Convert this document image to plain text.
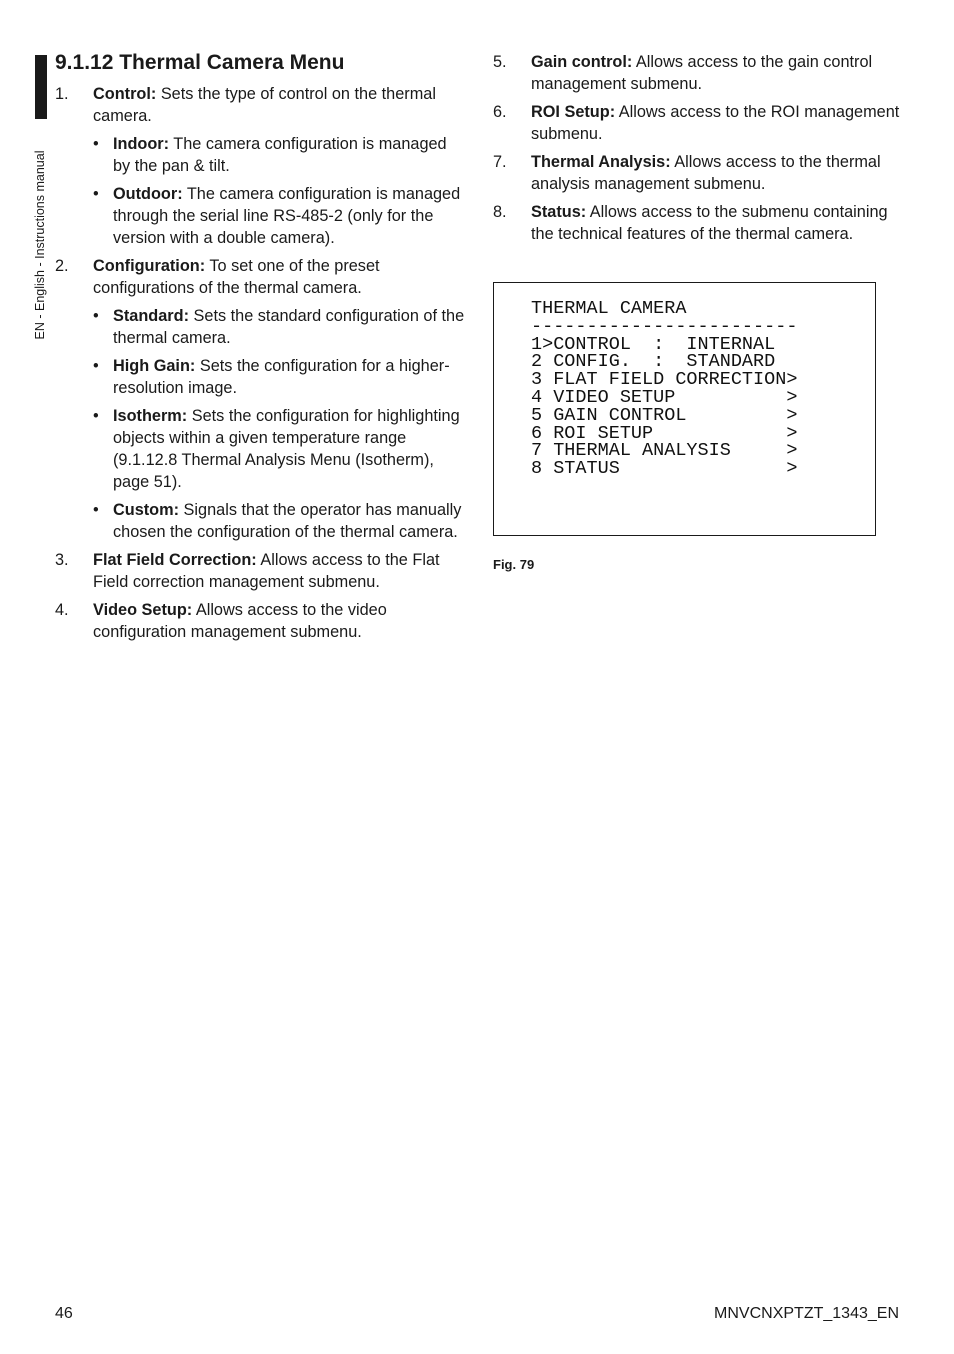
EN - English - Instructions manual
9.1.12 Thermal Camera Menu
1. Control: Sets the type of control on the thermal camera.
• Indoor: The camera configuration is managed by the pan & tilt.
• Outdoor: The camera configuration is managed through the serial line RS-485-2 (only for the version with a double camera).
2. Configuration: To set one of the preset configurations of the thermal camera.
• Standard: Sets the standard configuration of the thermal camera.
• High Gain: Sets the configuration for a higher-resolution image.
• Isotherm: Sets the configuration for highlighting objects within a given temperature range (9.1.12.8 Thermal Analysis Menu (Isotherm), page 51).
• Custom: Signals that the operator has manually chosen the configuration of the thermal camera.
3. Flat Field Correction: Allows access to the Flat Field correction management submenu.
4. Video Setup: Allows access to the video configuration management submenu.
5. Gain control: Allows access to the gain control management submenu.
6. ROI Setup: Allows access to the ROI management submenu.
7. Thermal Analysis: Allows access to the thermal analysis management submenu.
8. Status: Allows access to the submenu containing the technical features of the thermal camera.
THERMAL CAMERA
------------------------
1>CONTROL  :  INTERNAL
2 CONFIG.  :  STANDARD
3 FLAT FIELD CORRECTION>
4 VIDEO SETUP          >
5 GAIN CONTROL         >
6 ROI SETUP            >
7 THERMAL ANALYSIS     >
8 STATUS               >
Fig. 79
46	MNVCNXPTZT_1343_EN
